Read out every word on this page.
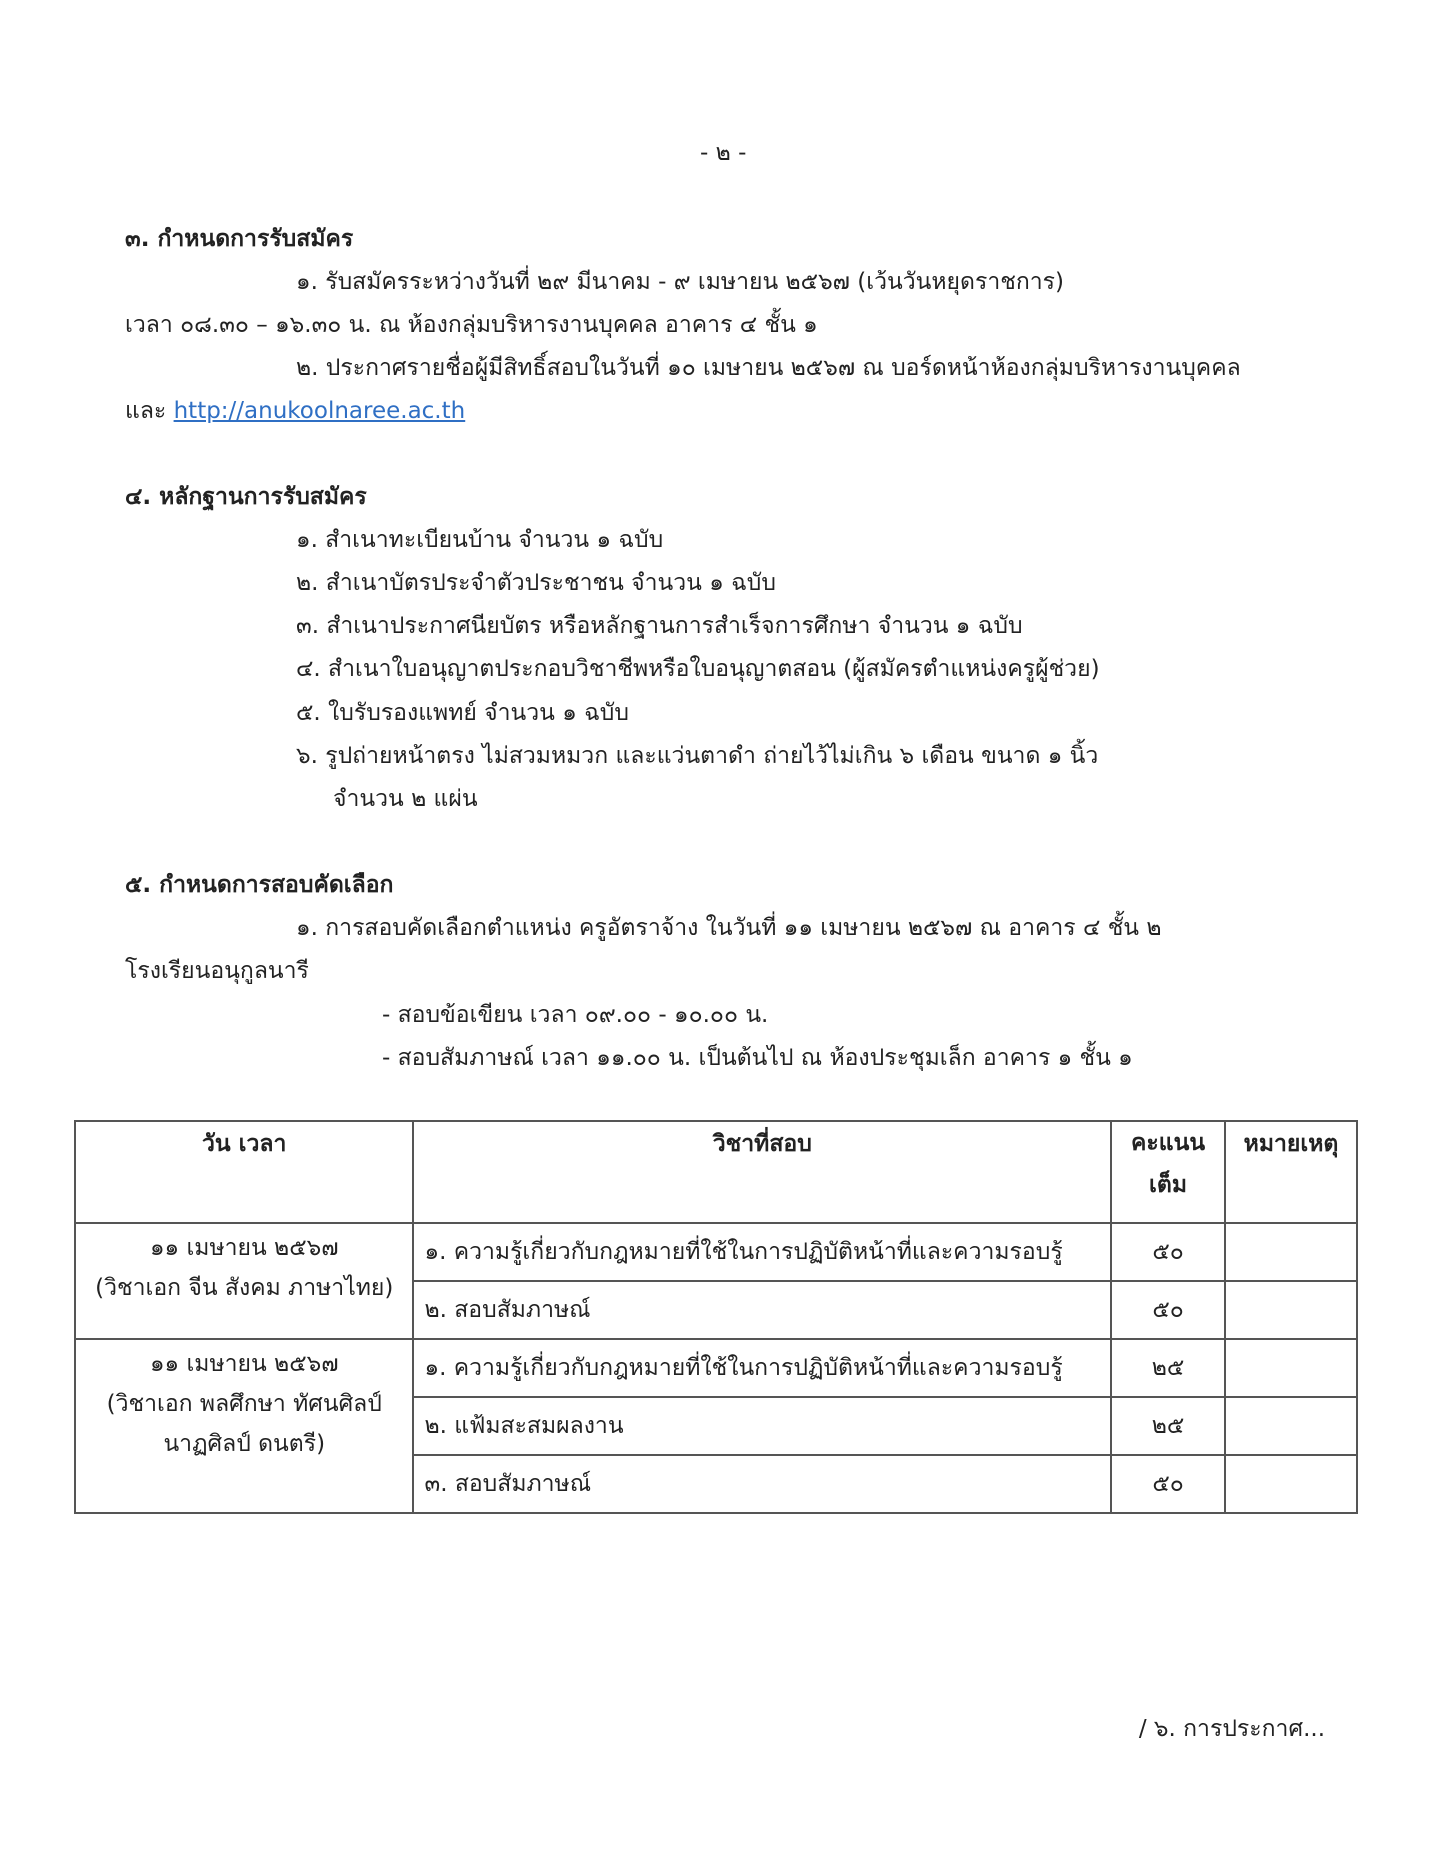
- ๒ -
๓. กำหนดการรับสมัคร
๑. รับสมัครระหว่างวันที่ ๒๙ มีนาคม - ๙ เมษายน ๒๕๖๗ (เว้นวันหยุดราชการ)
เวลา ๐๘.๓๐ – ๑๖.๓๐ น. ณ ห้องกลุ่มบริหารงานบุคคล อาคาร ๔ ชั้น ๑
๒. ประกาศรายชื่อผู้มีสิทธิ์สอบในวันที่ ๑๐ เมษายน ๒๕๖๗ ณ บอร์ดหน้าห้องกลุ่มบริหารงานบุคคล
และ http://anukoolnaree.ac.th
๔. หลักฐานการรับสมัคร
๑. สำเนาทะเบียนบ้าน จำนวน ๑ ฉบับ
๒. สำเนาบัตรประจำตัวประชาชน จำนวน ๑ ฉบับ
๓. สำเนาประกาศนียบัตร หรือหลักฐานการสำเร็จการศึกษา จำนวน ๑ ฉบับ
๔. สำเนาใบอนุญาตประกอบวิชาชีพหรือใบอนุญาตสอน (ผู้สมัครตำแหน่งครูผู้ช่วย)
๕. ใบรับรองแพทย์ จำนวน ๑ ฉบับ
๖. รูปถ่ายหน้าตรง ไม่สวมหมวก และแว่นตาดำ ถ่ายไว้ไม่เกิน ๖ เดือน ขนาด ๑ นิ้ว
จำนวน ๒ แผ่น
๕. กำหนดการสอบคัดเลือก
๑. การสอบคัดเลือกตำแหน่ง ครูอัตราจ้าง ในวันที่ ๑๑ เมษายน ๒๕๖๗ ณ อาคาร ๔ ชั้น ๒
โรงเรียนอนุกูลนารี
- สอบข้อเขียน เวลา ๐๙.๐๐ - ๑๐.๐๐ น.
- สอบสัมภาษณ์ เวลา ๑๑.๐๐ น. เป็นต้นไป ณ ห้องประชุมเล็ก อาคาร ๑ ชั้น ๑
วัน เวลา	วิชาที่สอบ	คะแนน เต็ม	หมายเหตุ

๑๑ เมษายน ๒๕๖๗
(วิชาเอก จีน สังคม ภาษาไทย)	๑. ความรู้เกี่ยวกับกฎหมายที่ใช้ในการปฏิบัติหน้าที่และความรอบรู้	๕๐	
	๒. สอบสัมภาษณ์	๕๐	

๑๑ เมษายน ๒๕๖๗
(วิชาเอก พลศึกษา ทัศนศิลป์ นาฏศิลป์ ดนตรี)	๑. ความรู้เกี่ยวกับกฎหมายที่ใช้ในการปฏิบัติหน้าที่และความรอบรู้	๒๕	
	๒. แฟ้มสะสมผลงาน	๒๕	
	๓. สอบสัมภาษณ์	๕๐	
/ ๖. การประกาศ...
